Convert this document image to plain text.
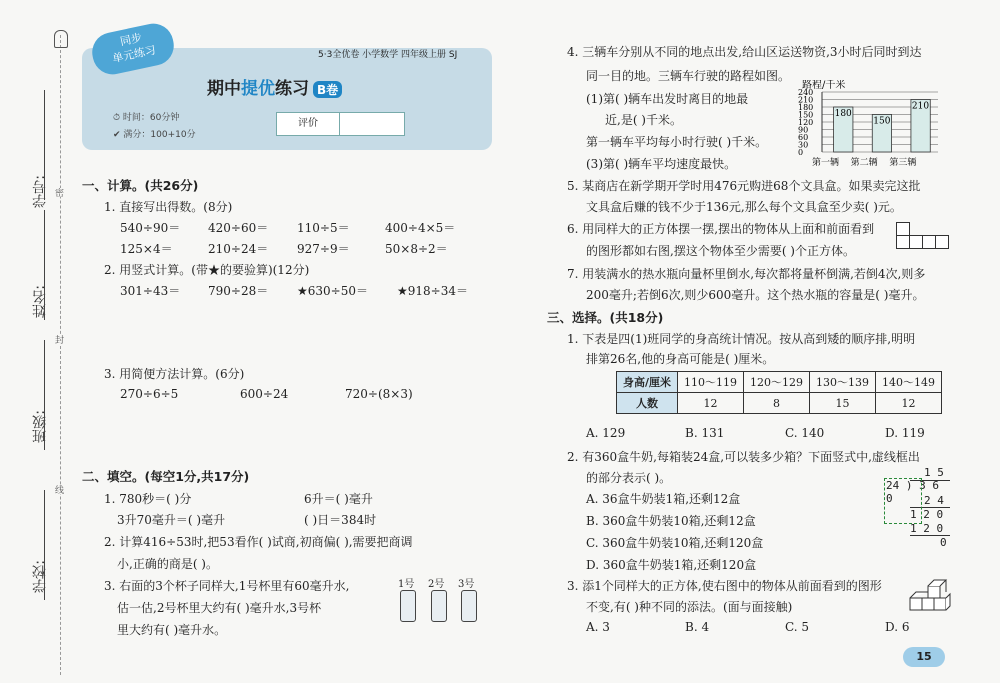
密
封
线
学校:
班级:
姓名:
学号:
期中提优练习 B卷
同步
单元练习	5·3全优卷 小学数学 四年级上册 SJ
⏱ 时间：60分钟
✔ 满分：100+10分
评价
一、计算。(共26分)
1. 直接写出得数。(8分)
540÷90＝ 420÷60＝ 110÷5＝	400÷4×5＝
125×4＝	210÷24＝ 927÷9＝	50×8÷2＝
2. 用竖式计算。(带★的要验算)(12分)
301÷43＝ 790÷28＝ ★630÷50＝ ★918÷34＝
3. 用简便方法计算。(6分)
270÷6÷5	600÷24	720÷(8×3)
二、填空。(每空1分,共17分)
1. 780秒＝( )分	6升＝( )毫升
3升70毫升＝( )毫升	( )日＝384时
2. 计算416÷53时,把53看作( )试商,初商偏( ),需要把商调
小,正确的商是( )。
3. 右面的3个杯子同样大,1号杯里有60毫升水,
估一估,2号杯里大约有( )毫升水,3号杯
里大约有( )毫升水。
1号 2号 3号
4. 三辆车分别从不同的地点出发,给山区运送物资,3小时后同时到达
同一目的地。三辆车行驶的路程如图。
(1)第( )辆车出发时离目的地最
近,是( )千米。
第一辆车平均每小时行驶( )千米。
(3)第( )辆车平均速度最快。
路程/千米
0
30
60
90
120
150
180
210
240
180
第一辆
150
第二辆
210
第三辆
5. 某商店在新学期开学时用476元购进68个文具盒。如果卖完这批
文具盒后赚的钱不少于136元,那么每个文具盒至少卖( )元。
6. 用同样大的正方体摆一摆,摆出的物体从上面和前面看到
的图形都如右图,摆这个物体至少需要( )个正方体。
7. 用装满水的热水瓶向量杯里倒水,每次都将量杯倒满,若倒4次,则多
200毫升;若倒6次,则少600毫升。这个热水瓶的容量是( )毫升。
三、选择。(共18分)
1. 下表是四(1)班同学的身高统计情况。按从高到矮的顺序排,明明
排第26名,他的身高可能是( )厘米。
身高/厘米	110～119	120～129	130～139	140～149
人数	12	8	15	12
A. 129	B. 131	C. 140	D. 119
2. 有360盒牛奶,每箱装24盒,可以装多少箱？下面竖式中,虚线框出
的部分表示( )。
A. 36盒牛奶装1箱,还剩12盒
B. 360盒牛奶装10箱,还剩12盒
C. 360盒牛奶装10箱,还剩120盒
D. 360盒牛奶装1箱,还剩120盒
1 5
24 ) 3 6 0	2 4
1 2 0
1 2 0
0
3. 添1个同样大的正方体,使右图中的物体从前面看到的图形
不变,有( )种不同的添法。(面与面接触)
A. 3	B. 4	C. 5	D. 6
15
